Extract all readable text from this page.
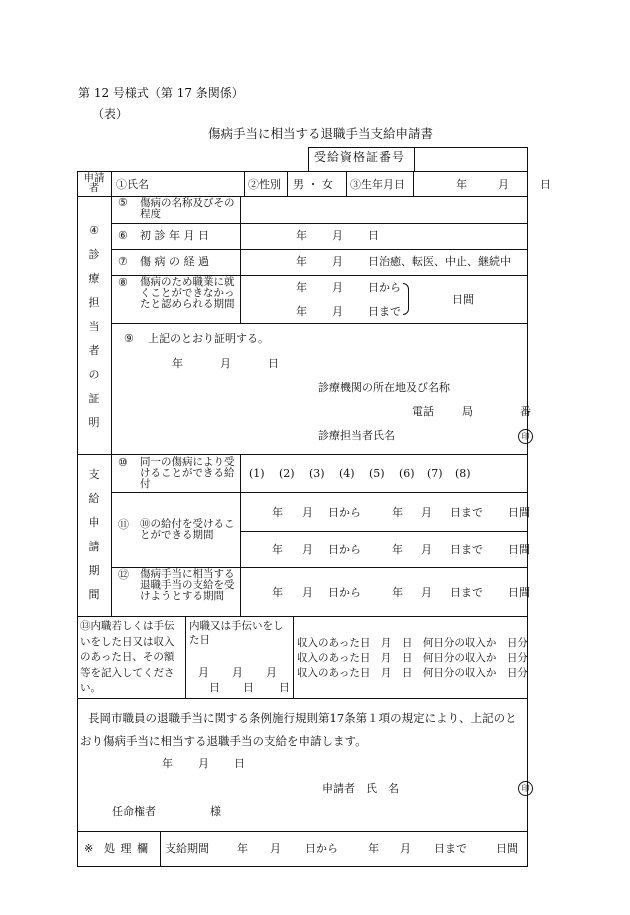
第 12 号様式（第 17 条関係）
（表）
傷病手当に相当する退職手当支給申請書
受給資格証番号
申請者	①氏名	②性別 男 ・ 女 ③生年月日	年	月	日
④
診
療
担
当
者
の
証
明
⑤ 傷病の名称及びその程度
⑥ 初 診 年 月 日	年 月 日
⑦ 傷 病 の 経 過	年 月 日治癒、転医、中止、継続中
⑧ 傷病のため職業に就くことができなかったと認められる期間
年 月 日から
年 月 日まで
日間
⑨ 上記のとおり証明する。
年	月	日
診療機関の所在地及び名称
電話	局	番
診療担当者氏名	印
支
給
申
請
期
間
⑩ 同一の傷病により受けることができる給付
(1) (2) (3) (4) (5) (6) (7) (8)
⑪ ⑩の給付を受けることができる期間
年 月 日から	年 月 日まで 日間
年 月 日から	年 月 日まで 日間
⑫ 傷病手当に相当する退職手当の支給を受けようとする期間	年 月 日から	年 月 日まで 日間
⑬内職若しくは手伝いをした日又は収入のあった日、その額等を記入してください。
内職又は手伝いをした日
月 月 月
日 日 日
収入のあった日　月　日　何日分の収入か　日分
収入のあった日　月　日　何日分の収入か　日分
収入のあった日　月　日　何日分の収入か　日分
長岡市職員の退職手当に関する条例施行規則第17条第１項の規定により、上記のと
おり傷病手当に相当する退職手当の支給を申請します。
年 月 日
申請者　氏　名	印
任命権者	様
※ 処 理 欄 支給期間	年 月 日から	年 月 日まで	日間
